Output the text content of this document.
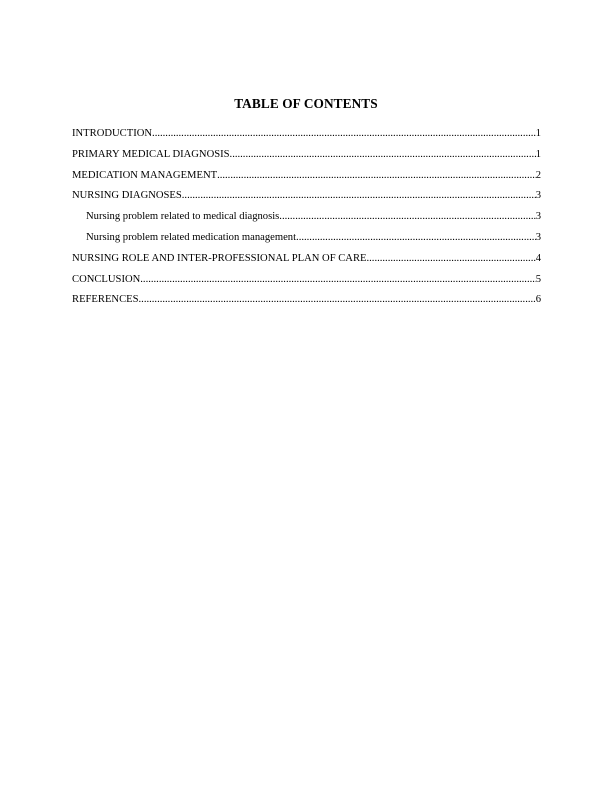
TABLE OF CONTENTS
INTRODUCTION .....	1
PRIMARY MEDICAL DIAGNOSIS .....	1
MEDICATION MANAGEMENT .....	2
NURSING DIAGNOSES .....	3
Nursing problem related to medical diagnosis .....	3
Nursing problem related medication management .....	3
NURSING ROLE AND INTER-PROFESSIONAL PLAN OF CARE .....	4
CONCLUSION .....	5
REFERENCES .....	6
